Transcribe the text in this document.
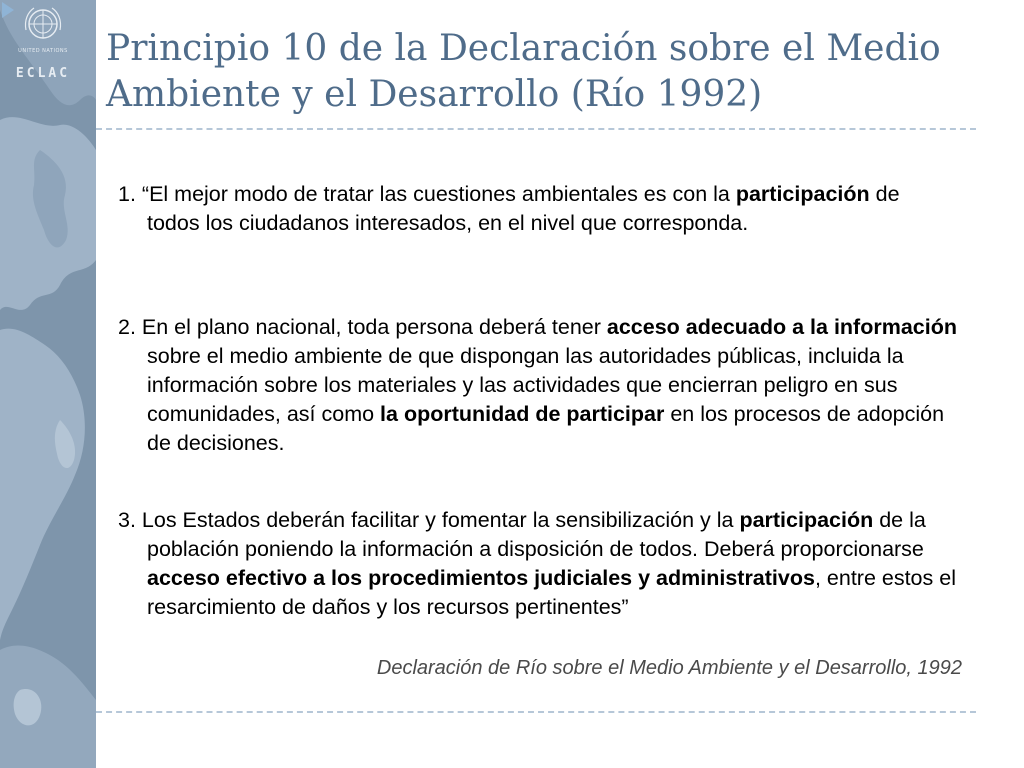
UNITED NATIONS
ECLAC
Principio 10 de la Declaración sobre el Medio Ambiente y el Desarrollo (Río 1992)
1. “El mejor modo de tratar las cuestiones ambientales es con la participación de todos los ciudadanos interesados, en el nivel que corresponda.
2. En el plano nacional, toda persona deberá tener acceso adecuado a la información sobre el medio ambiente de que dispongan las autoridades públicas, incluida la información sobre los materiales y las actividades que encierran peligro en sus comunidades, así como la oportunidad de participar en los procesos de adopción de decisiones.
3. Los Estados deberán facilitar y fomentar la sensibilización y la participación de la población poniendo la información a disposición de todos. Deberá proporcionarse acceso efectivo a los procedimientos judiciales y administrativos, entre estos el resarcimiento de daños y los recursos pertinentes”
Declaración de Río sobre el Medio Ambiente y el Desarrollo, 1992
